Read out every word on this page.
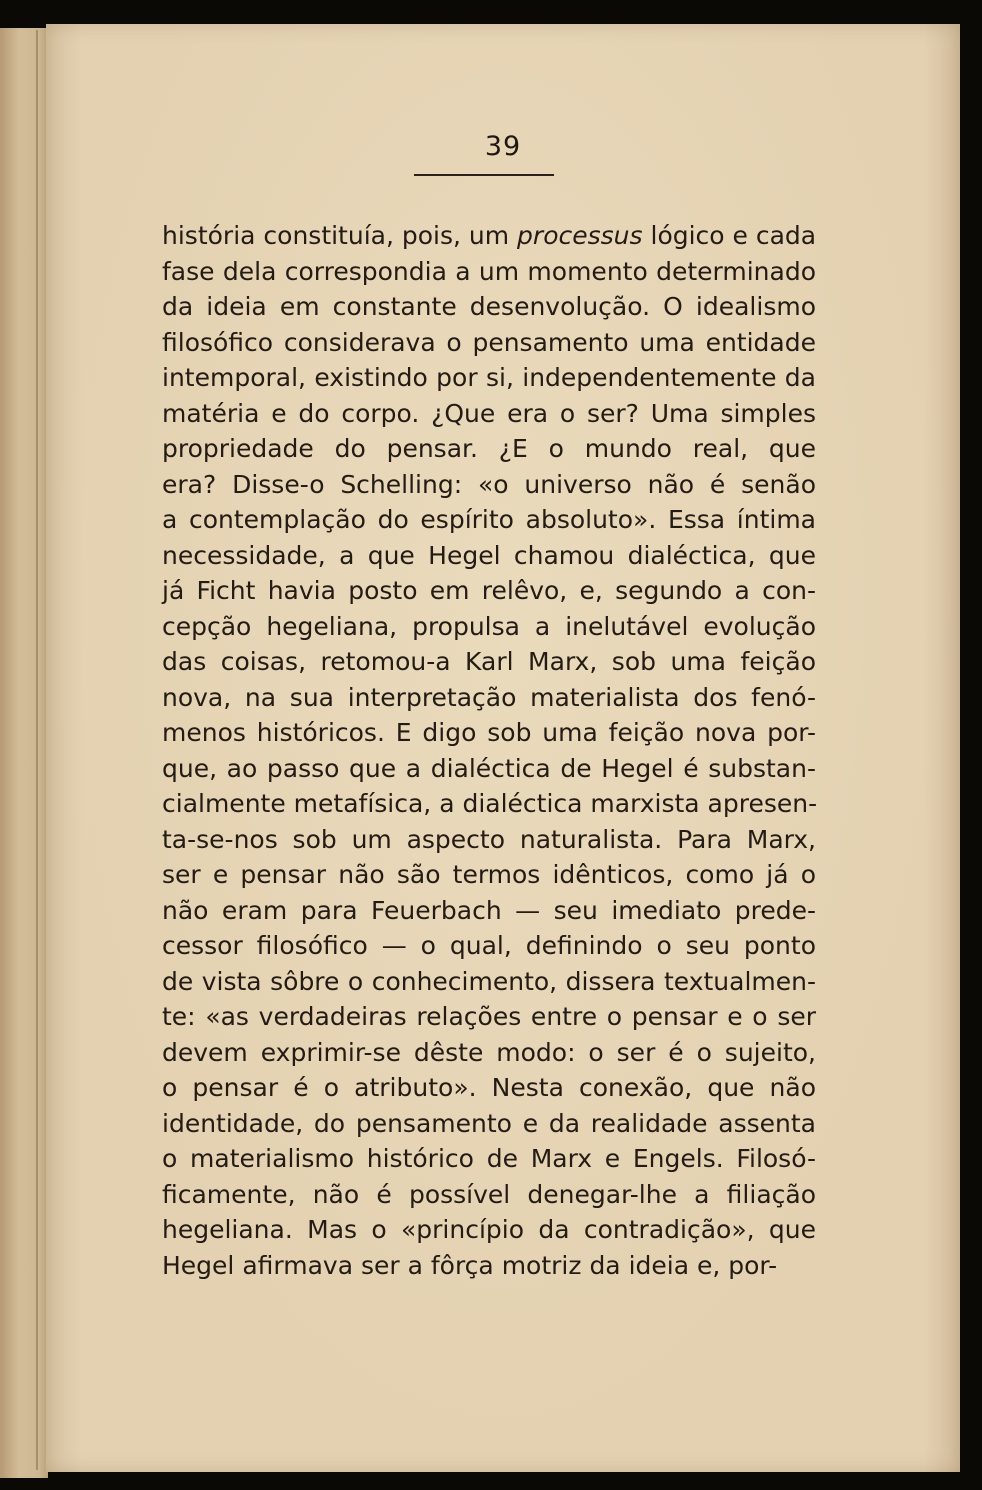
39
história constituía, pois, um processus lógico e cada
fase dela correspondia a um momento determinado
da ideia em constante desenvolução. O idealismo
filosófico considerava o pensamento uma entidade
intemporal, existindo por si, independentemente da
matéria e do corpo. ¿Que era o ser? Uma simples
propriedade do pensar. ¿E o mundo real, que
era? Disse-o Schelling: «o universo não é senão
a contemplação do espírito absoluto». Essa íntima
necessidade, a que Hegel chamou dialéctica, que
já Ficht havia posto em relêvo, e, segundo a con-
cepção hegeliana, propulsa a inelutável evolução
das coisas, retomou-a Karl Marx, sob uma feição
nova, na sua interpretação materialista dos fenó-
menos históricos. E digo sob uma feição nova por-
que, ao passo que a dialéctica de Hegel é substan-
cialmente metafísica, a dialéctica marxista apresen-
ta-se-nos sob um aspecto naturalista. Para Marx,
ser e pensar não são termos idênticos, como já o
não eram para Feuerbach — seu imediato prede-
cessor filosófico — o qual, definindo o seu ponto
de vista sôbre o conhecimento, dissera textualmen-
te: «as verdadeiras relações entre o pensar e o ser
devem exprimir-se dêste modo: o ser é o sujeito,
o pensar é o atributo». Nesta conexão, que não
identidade, do pensamento e da realidade assenta
o materialismo histórico de Marx e Engels. Filosó-
ficamente, não é possível denegar-lhe a filiação
hegeliana. Mas o «princípio da contradição», que
Hegel afirmava ser a fôrça motriz da ideia e, por-
